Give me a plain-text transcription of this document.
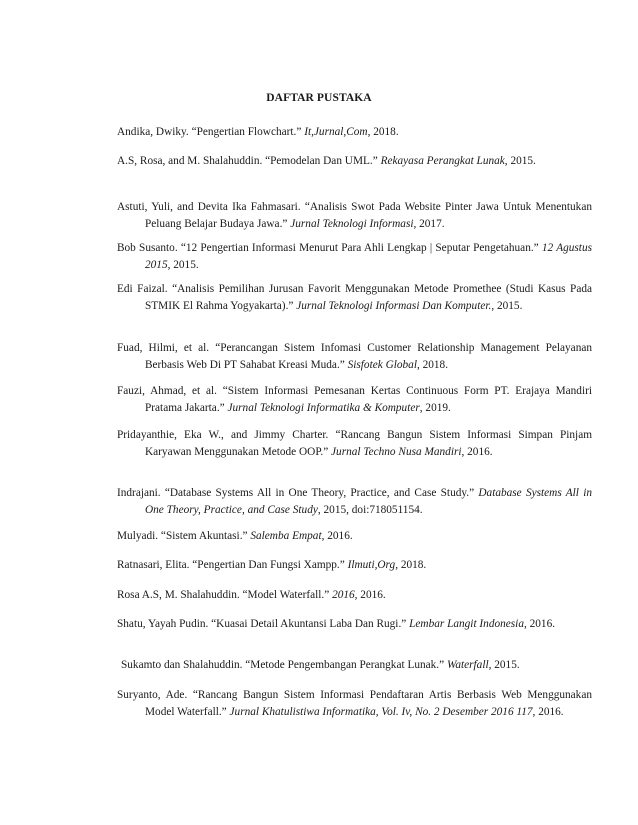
DAFTAR PUSTAKA
Andika, Dwiky. “Pengertian Flowchart.” It,Jurnal,Com, 2018.
A.S, Rosa, and M. Shalahuddin. “Pemodelan Dan UML.” Rekayasa Perangkat Lunak, 2015.
Astuti, Yuli, and Devita Ika Fahmasari. “Analisis Swot Pada Website Pinter Jawa Untuk Menentukan Peluang Belajar Budaya Jawa.” Jurnal Teknologi Informasi, 2017.
Bob Susanto. “12 Pengertian Informasi Menurut Para Ahli Lengkap | Seputar Pengetahuan.” 12 Agustus 2015, 2015.
Edi Faizal. “Analisis Pemilihan Jurusan Favorit Menggunakan Metode Promethee (Studi Kasus Pada STMIK El Rahma Yogyakarta).” Jurnal Teknologi Informasi Dan Komputer., 2015.
Fuad, Hilmi, et al. “Perancangan Sistem Infomasi Customer Relationship Management Pelayanan Berbasis Web Di PT Sahabat Kreasi Muda.” Sisfotek Global, 2018.
Fauzi, Ahmad, et al. “Sistem Informasi Pemesanan Kertas Continuous Form PT. Erajaya Mandiri Pratama Jakarta.” Jurnal Teknologi Informatika & Komputer, 2019.
Pridayanthie, Eka W., and Jimmy Charter. “Rancang Bangun Sistem Informasi Simpan Pinjam Karyawan Menggunakan Metode OOP.” Jurnal Techno Nusa Mandiri, 2016.
Indrajani. “Database Systems All in One Theory, Practice, and Case Study.” Database Systems All in One Theory, Practice, and Case Study, 2015, doi:718051154.
Mulyadi. “Sistem Akuntasi.” Salemba Empat, 2016.
Ratnasari, Elita. “Pengertian Dan Fungsi Xampp.” Ilmuti,Org, 2018.
Rosa A.S, M. Shalahuddin. “Model Waterfall.” 2016, 2016.
Shatu, Yayah Pudin. “Kuasai Detail Akuntansi Laba Dan Rugi.” Lembar Langit Indonesia, 2016.
Sukamto dan Shalahuddin. “Metode Pengembangan Perangkat Lunak.” Waterfall, 2015.
Suryanto, Ade. “Rancang Bangun Sistem Informasi Pendaftaran Artis Berbasis Web Menggunakan Model Waterfall.” Jurnal Khatulistiwa Informatika, Vol. Iv, No. 2 Desember 2016 117, 2016.
